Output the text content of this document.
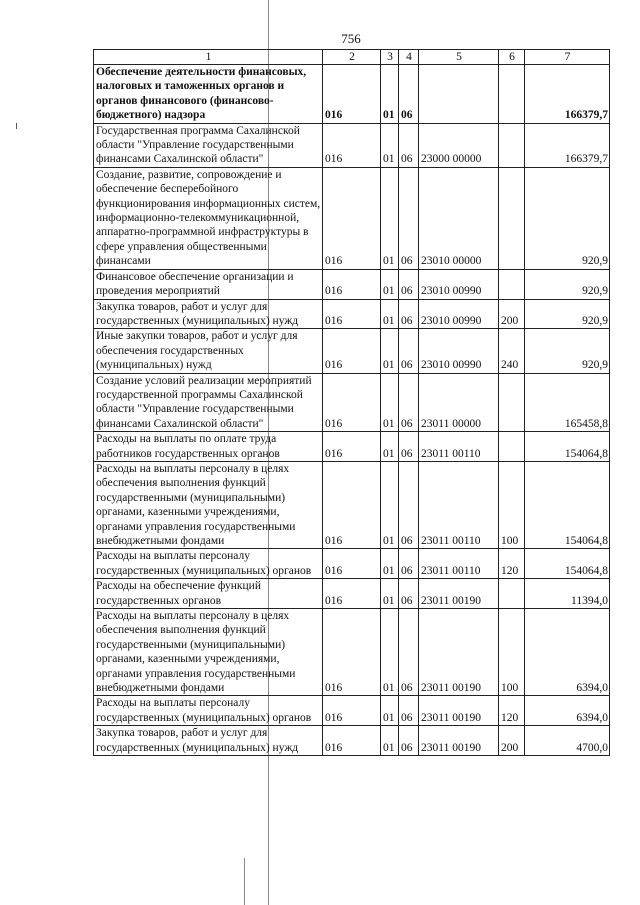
756
1	2	3	4	5	6	7
Обеспечение деятельности финансовых, налоговых и таможенных органов и органов финансового (финансово-бюджетного) надзора	016	01	06			166379,7
Государственная программа Сахалинской области "Управление государственными финансами Сахалинской области"	016	01	06	23000 00000		166379,7
Создание, развитие, сопровождение и обеспечение бесперебойного функционирования информационных систем, информационно-телекоммуникационной, аппаратно-программной инфраструктуры в сфере управления общественными финансами	016	01	06	23010 00000		920,9
Финансовое обеспечение организации и проведения мероприятий	016	01	06	23010 00990		920,9
Закупка товаров, работ и услуг для государственных (муниципальных) нужд	016	01	06	23010 00990	200	920,9
Иные закупки товаров, работ и услуг для обеспечения государственных (муниципальных) нужд	016	01	06	23010 00990	240	920,9
Создание условий реализации мероприятий государственной программы Сахалинской области "Управление государственными финансами Сахалинской области"	016	01	06	23011 00000		165458,8
Расходы на выплаты по оплате труда работников государственных органов	016	01	06	23011 00110		154064,8
Расходы на выплаты персоналу в целях обеспечения выполнения функций государственными (муниципальными) органами, казенными учреждениями, органами управления государственными внебюджетными фондами	016	01	06	23011 00110	100	154064,8
Расходы на выплаты персоналу государственных (муниципальных) органов	016	01	06	23011 00110	120	154064,8
Расходы на обеспечение функций государственных органов	016	01	06	23011 00190		11394,0
Расходы на выплаты персоналу в целях обеспечения выполнения функций государственными (муниципальными) органами, казенными учреждениями, органами управления государственными внебюджетными фондами	016	01	06	23011 00190	100	6394,0
Расходы на выплаты персоналу государственных (муниципальных) органов	016	01	06	23011 00190	120	6394,0
Закупка товаров, работ и услуг для государственных (муниципальных) нужд	016	01	06	23011 00190	200	4700,0
